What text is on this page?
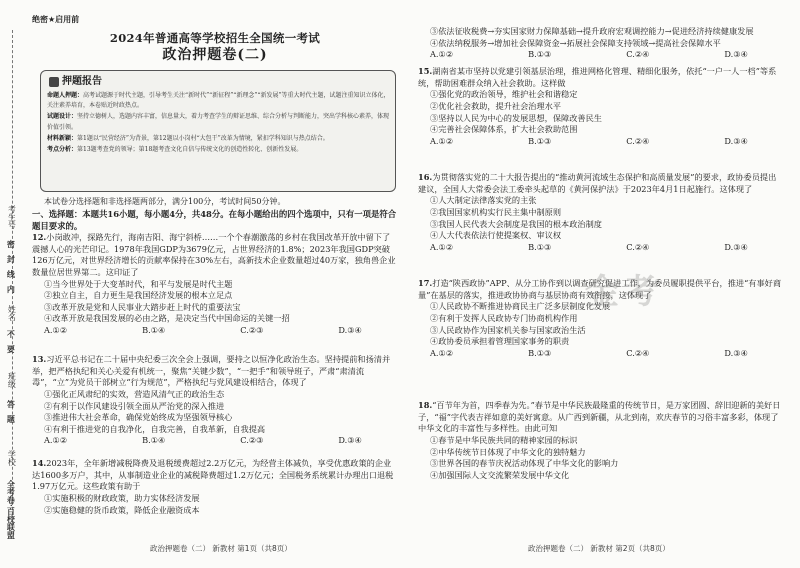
考生号
姓名
班级
学校
全考卷·百校联盟
密
封
线
内
不
要
答
题
绝密★启用前
2024年普通高等学校招生全国统一考试
政治押题卷(二)
押题报告

命题人押题：高考试题源于时代主题，引导考生关注“新时代”“新征程”“新理念”“新发展”等重大时代主题，试题注重知识立体化，关注素养培育，本卷贴近时政热点。

试题设计：坚持立德树人，选题内容丰富，信息量大，着力考查学生的辩证思维、综合分析与判断能力，突出学科核心素养，体现价值引领。

材料新颖：第1题以“民营经济”为背景，第12题以小岗村“大包干”改革为情境，紧扣学科知识与热点结合。

考点分析：第13题考查党的领导；第18题考查文化自信与传统文化的创造性转化、创新性发展。

本试卷分选择题和非选择题两部分，满分100分，考试时间50分钟。
一、选择题：本题共16小题，每小题4分，共48分。在每小题给出的四个选项中，只有一项是符合题目要求的。
12.小岗敢冲，探路先行，海南吉阳、海宁斜桥……一个个春潮激荡的乡村在我国改革开放中留下了震撼人心的光芒印记。1978年我国GDP为3679亿元，占世界经济的1.8%；2023年我国GDP突破126万亿元，对世界经济增长的贡献率保持在30%左右，高新技术企业数量超过40万家，独角兽企业数量位居世界第二。这印证了
①当今世界处于大变革时代，和平与发展是时代主题
②独立自主，自力更生是我国经济发展的根本立足点
③改革开放是党和人民事业大踏步赶上时代的重要法宝
④改革开放是我国发展的必由之路，是决定当代中国命运的关键一招
A.①②	B.①④	C.②③	D.③④
13.习近平总书记在二十届中央纪委三次全会上强调，要持之以恒净化政治生态。坚持提前和扬清并举，把严格执纪和关心关爱有机统一，聚焦“关键少数”，“一把手”和领导班子，严肃“肃清流毒”，“立”为党员干部树立“行为规范”，严格执纪与党风建设相结合，体现了
①强化正风肃纪的实效，营造风清气正的政治生态
②有利于以作风建设引领全面从严治党的深入推进
③推进伟大社会革命，确保党始终成为坚强领导核心
④有利于推进党的自我净化，自我完善，自我革新，自我提高
A.①②	B.①④	C.②③	D.③④
14.2023年，全年新增减税降费及退税缓费超过2.2万亿元，为经营主体减负，享受优惠政策的企业达1600多万户，其中，从事制造业企业的减税降费超过1.2万亿元；全国税务系统累计办理出口退税1.97万亿元。这些政策有助于
①实施积极的财政政策，助力实体经济发展
②实施稳健的货币政策，降低企业融资成本
政治押题卷（二） 新教材 第1页（共8页）
③依法征收税费→夯实国家财力保障基础→提升政府宏观调控能力→促进经济持续健康发展
④依法纳税服务→增加社会保障资金→拓展社会保障支持领域→提高社会保障水平
A.①②	B.①③	C.②④	D.③④
15.湖南省某市坚持以党建引领基层治理，推进网格化管理、精细化服务，依托“一户一人一档”等系统，帮助困难群众纳入社会救助。这样做
①强化党的政治领导，维护社会和谐稳定
②优化社会救助，提升社会治理水平
③坚持以人民为中心的发展思想，保障改善民生
④完善社会保障体系，扩大社会救助范围
A.①②	B.①③	C.②④	D.③④
16.为贯彻落实党的二十大报告提出的“推动黄河流域生态保护和高质量发展”的要求，政协委员提出建议，全国人大常委会法工委牵头起草的《黄河保护法》于2023年4月1日起施行。这体现了
①人大制定法律落实党的主张
②我国国家机构实行民主集中制原则
③我国人民代表大会制度是我国的根本政治制度
④人大代表依法行使提案权、审议权
A.①②	B.①③	C.②④	D.③④
17.打造“陕西政协”APP、从分工协作到以调查研究促进工作，为委员履职提供平台，推进“有事好商量”在基层的落实，推进政协协商与基层协商有效衔接，这体现了
①人民政协不断推进协商民主广泛多层制度化发展
②有利于发挥人民政协专门协商机构作用
③人民政协作为国家机关参与国家政治生活
④政协委员承担着管理国家事务的职责
A.①②	B.①③	C.②④	D.③④
18.“百节年为首，四季春为先。”春节是中华民族最隆重的传统节日，是万家团圆、辞旧迎新的美好日子，“福”字代表吉祥如意的美好寓意。从广西到新疆，从北到南，欢庆春节的习俗丰富多彩，体现了中华文化的丰富性与多样性。由此可知
①春节是中华民族共同的精神家园的标识
②中华传统节日体现了中华文化的独特魅力
③世界各国的春节庆祝活动体现了中华文化的影响力
④加强国际人文交流繁荣发展中华文化
政治押题卷（二） 新教材 第2页（共8页）
金考
